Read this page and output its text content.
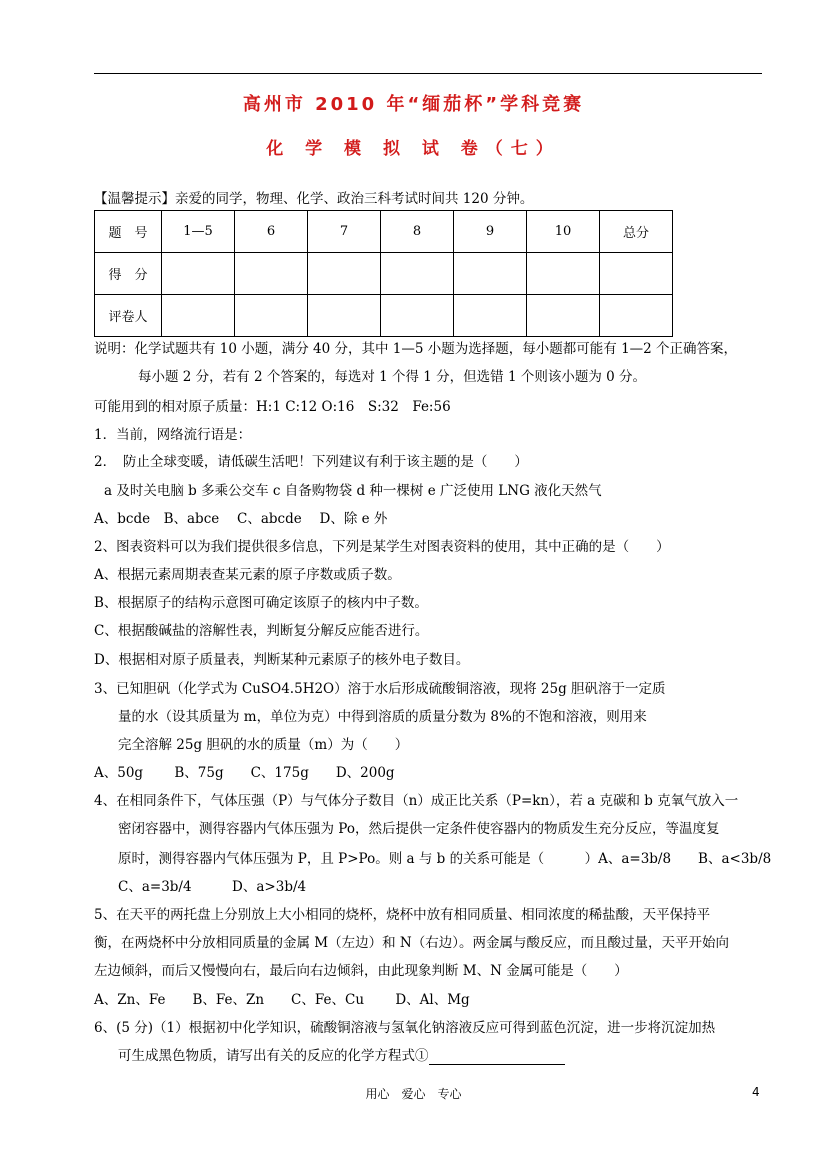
高州市 2010 年“缅茄杯”学科竞赛
化 学 模 拟 试 卷（七）
【温馨提示】亲爱的同学，物理、化学、政治三科考试时间共 120 分钟。
题　号	1—5	6	7	8	9	10	总分
得　分							
评卷人							
说明：化学试题共有 10 小题，满分 40 分，其中 1—5 小题为选择题，每小题都可能有 1—2 个正确答案，
每小题 2 分，若有 2 个答案的，每选对 1 个得 1 分，但选错 1 个则该小题为 0 分。
可能用到的相对原子质量：H:1 C:12 O:16　S:32　Fe:56
1．当前，网络流行语是：
2．　防止全球变暖，请低碳生活吧！下列建议有利于该主题的是（　　）
a 及时关电脑 b 多乘公交车 c 自备购物袋 d 种一棵树 e 广泛使用 LNG 液化天然气
A、bcde　B、abce　 C、abcde　 D、除 e 外
2、图表资料可以为我们提供很多信息，下列是某学生对图表资料的使用，其中正确的是（　　）
A、根据元素周期表查某元素的原子序数或质子数。
B、根据原子的结构示意图可确定该原子的核内中子数。
C、根据酸碱盐的溶解性表，判断复分解反应能否进行。
D、根据相对原子质量表，判断某种元素原子的核外电子数目。
3、已知胆矾（化学式为 CuSO4.5H2O）溶于水后形成硫酸铜溶液，现将 25g 胆矾溶于一定质
量的水（设其质量为 m，单位为克）中得到溶质的质量分数为 8%的不饱和溶液，则用来
完全溶解 25g 胆矾的水的质量（m）为（　　）
A、50g　　 B、75g　　C、175g　　D、200g
4、在相同条件下，气体压强（P）与气体分子数目（n）成正比关系（P=kn），若 a 克碳和 b 克氧气放入一
密闭容器中，测得容器内气体压强为 Po，然后提供一定条件使容器内的物质发生充分反应，等温度复
原时，测得容器内气体压强为 P，且 P>Po。则 a 与 b 的关系可能是（　　　）A、a=3b/8　　B、a<3b/8
C、a=3b/4　　　D、a>3b/4
5、在天平的两托盘上分别放上大小相同的烧杯，烧杯中放有相同质量、相同浓度的稀盐酸，天平保持平
衡，在两烧杯中分放相同质量的金属 M（左边）和 N（右边）。两金属与酸反应，而且酸过量，天平开始向
左边倾斜，而后又慢慢向右，最后向右边倾斜，由此现象判断 M、N 金属可能是（　　）
A、Zn、Fe　　B、Fe、Zn　　C、Fe、Cu　　 D、Al、Mg
6、(5 分)（1）根据初中化学知识，硫酸铜溶液与氢氧化钠溶液反应可得到蓝色沉淀，进一步将沉淀加热
可生成黑色物质，请写出有关的反应的化学方程式①
用心　爱心　专心	4
